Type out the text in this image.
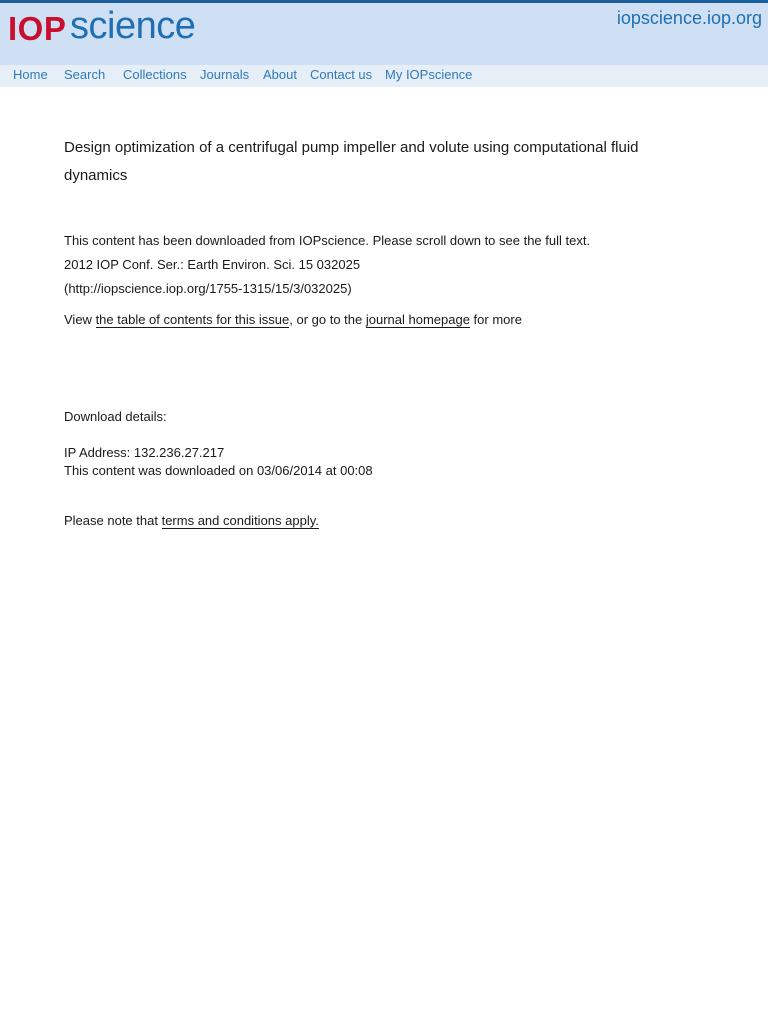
IOP science	iopscience.iop.org
Home Search Collections Journals About Contact us My IOPscience
Design optimization of a centrifugal pump impeller and volute using computational fluid dynamics
This content has been downloaded from IOPscience. Please scroll down to see the full text.
2012 IOP Conf. Ser.: Earth Environ. Sci. 15 032025
(http://iopscience.iop.org/1755-1315/15/3/032025)
View the table of contents for this issue, or go to the journal homepage for more
Download details:
IP Address: 132.236.27.217
This content was downloaded on 03/06/2014 at 00:08
Please note that terms and conditions apply.
